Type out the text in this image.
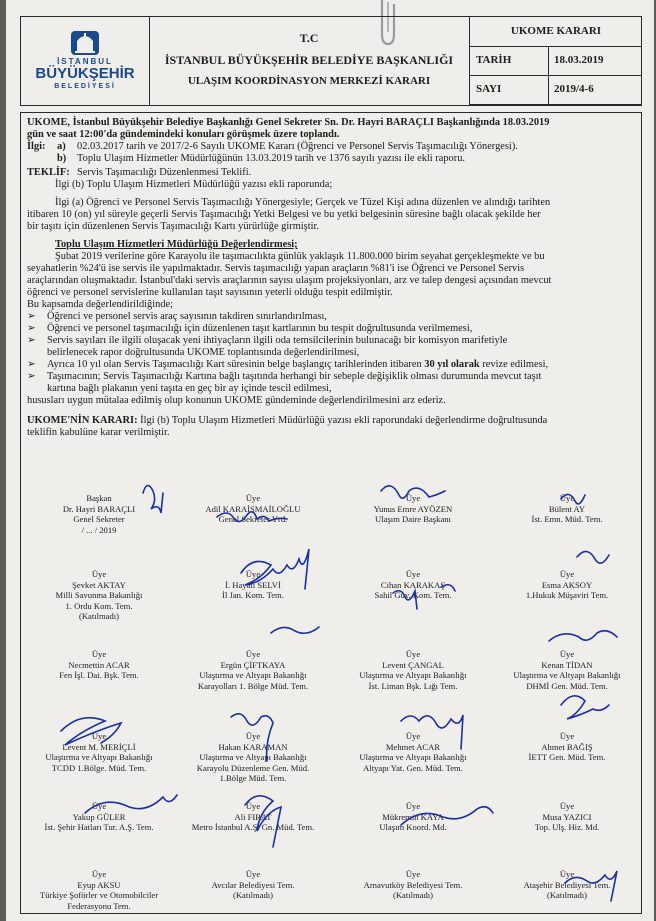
İSTANBUL
BÜYÜKŞEHİR
BELEDİYESİ
T.C
İSTANBUL BÜYÜKŞEHİR BELEDİYE BAŞKANLIĞI
ULAŞIM KOORDİNASYON MERKEZİ KARARI
UKOME KARARI
TARİH	18.03.2019
SAYI	2019/4-6
UKOME, İstanbul Büyükşehir Belediye Başkanlığı Genel Sekreter Sn. Dr. Hayri BARAÇLI Başkanlığında 18.03.2019
gün ve saat 12:00'da gündemindeki konuları görüşmek üzere toplandı.
İlgi: a) 02.03.2017 tarih ve 2017/2-6 Sayılı UKOME Kararı (Öğrenci ve Personel Servis Taşımacılığı Yönergesi).
b) Toplu Ulaşım Hizmetler Müdürlüğünün 13.03.2019 tarih ve 1376 sayılı yazısı ile ekli raporu.
TEKLİF: Servis Taşımacılığı Düzenlenmesi Teklifi.
İlgi (b) Toplu Ulaşım Hizmetleri Müdürlüğü yazısı ekli raporunda;
İlgi (a) Öğrenci ve Personel Servis Taşımacılığı Yönergesiyle; Gerçek ve Tüzel Kişi adına düzenlen ve alındığı tarihten
itibaren 10 (on) yıl süreyle geçerli Servis Taşımacılığı Yetki Belgesi ve bu yetki belgesinin süresine bağlı olacak şekilde her
bir taşıtı için düzenlenen Servis Taşımacılığı Kartı yürürlüğe girmiştir.
Toplu Ulaşım Hizmetleri Müdürlüğü Değerlendirmesi;
Şubat 2019 verilerine göre Karayolu ile taşımacılıkta günlük yaklaşık 11.800.000 birim seyahat gerçekleşmekte ve bu
seyahatlerin %24'ü ise servis ile yapılmaktadır. Servis taşımacılığı yapan araçların %81'i ise Öğrenci ve Personel Servis
araçlarından oluşmaktadır. İstanbul'daki servis araçlarının sayısı ulaşım projeksiyonları, arz ve talep dengesi açısından mevcut
öğrenci ve personel servislerine kullanılan taşıt sayısının yeterli olduğu tespit edilmiştir.
Bu kapsamda değerlendirildiğinde;
➢ Öğrenci ve personel servis araç sayısının takdiren sınırlandırılması,
➢ Öğrenci ve personel taşımacılığı için düzenlenen taşıt kartlarının bu tespit doğrultusunda verilmemesi,
➢ Servis sayıları ile ilgili oluşacak yeni ihtiyaçların ilgili oda temsilcilerinin bulunacağı bir komisyon marifetiyle
belirlenecek rapor doğrultusunda UKOME toplantısında değerlendirilmesi,
➢ Ayrıca 10 yıl olan Servis Taşımacılığı Kart süresinin belge başlangıç tarihlerinden itibaren 30 yıl olarak revize edilmesi,
➢ Taşımacının; Servis Taşımacılığı Kartına bağlı taşıtında herhangi bir sebeple değişiklik olması durumunda mevcut taşıt
kartına bağlı plakanın yeni taşıta en geç bir ay içinde tescil edilmesi,
hususları uygun mütalaa edilmiş olup konunun UKOME gündeminde değerlendirilmesini arz ederiz.
UKOME'NİN KARARI: İlgi (b) Toplu Ulaşım Hizmetleri Müdürlüğü yazısı ekli raporundaki değerlendirme doğrultusunda
teklifin kabulüne karar verilmiştir.
Başkan
Dr. Hayri BARAÇLI
Genel Sekreter
/ ... / 2019
Üye
Adil KARAİSMAİLOĞLU
Genel Sekreter Yrd.
Üye
Yunus Emre AYÖZEN
Ulaşım Daire Başkanı
Üye
Bülent AY
İst. Emn. Müd. Tem.
Üye
Şevket AKTAY
Milli Savunma Bakanlığı
1. Ordu Kom. Tem.
(Katılmadı)
Üye
İ. Hayati SELVİ
İl Jan. Kom. Tem.
Üye
Cihan KARAKAŞ
Sahil Güv. Kom. Tem.
Üye
Esma AKSOY
1.Hukuk Müşaviri Tem.
Üye
Necmettin ACAR
Fen İşl. Dai. Bşk. Tem.
Üye
Ergün ÇİFTKAYA
Ulaştırma ve Altyapı Bakanlığı
Karayolları 1. Bölge Müd. Tem.
Üye
Levent ÇANGAL
Ulaştırma ve Altyapı Bakanlığı
İst. Liman Bşk. Lığı Tem.
Üye
Kenan TİDAN
Ulaştırma ve Altyapı Bakanlığı
DHMİ Gen. Müd. Tem.
Üye
Levent M. MERİÇLİ
Ulaştırma ve Altyapı Bakanlığı
TCDD 1.Bölge. Müd. Tem.
Üye
Hakan KARAMAN
Ulaştırma ve Altyapı Bakanlığı
Karayolu Düzenleme Gen. Müd.
1.Bölge Müd. Tem.
Üye
Mehmet ACAR
Ulaştırma ve Altyapı Bakanlığı
Altyapı Yat. Gen. Müd. Tem.
Üye
Ahmet BAĞIŞ
İETT Gen. Müd. Tem.
Üye
Yakup GÜLER
İst. Şehir Hatları Tur. A.Ş. Tem.
Üye
Ali FIRAT
Metro İstanbul A.Ş. Gn. Müd. Tem.
Üye
Mükremin KAYA
Ulaşım Koord. Md.
Üye
Musa YAZICI
Top. Ulş. Hiz. Md.
Üye
Eyup AKSU
Türkiye Şoförler ve Otomobilciler
Federasyonu Tem.
Üye
Avcılar Belediyesi Tem.
(Katılmadı)
Üye
Arnavutköy Belediyesi Tem.
(Katılmadı)
Üye
Ataşehir Belediyesi Tem.
(Katılmadı)
